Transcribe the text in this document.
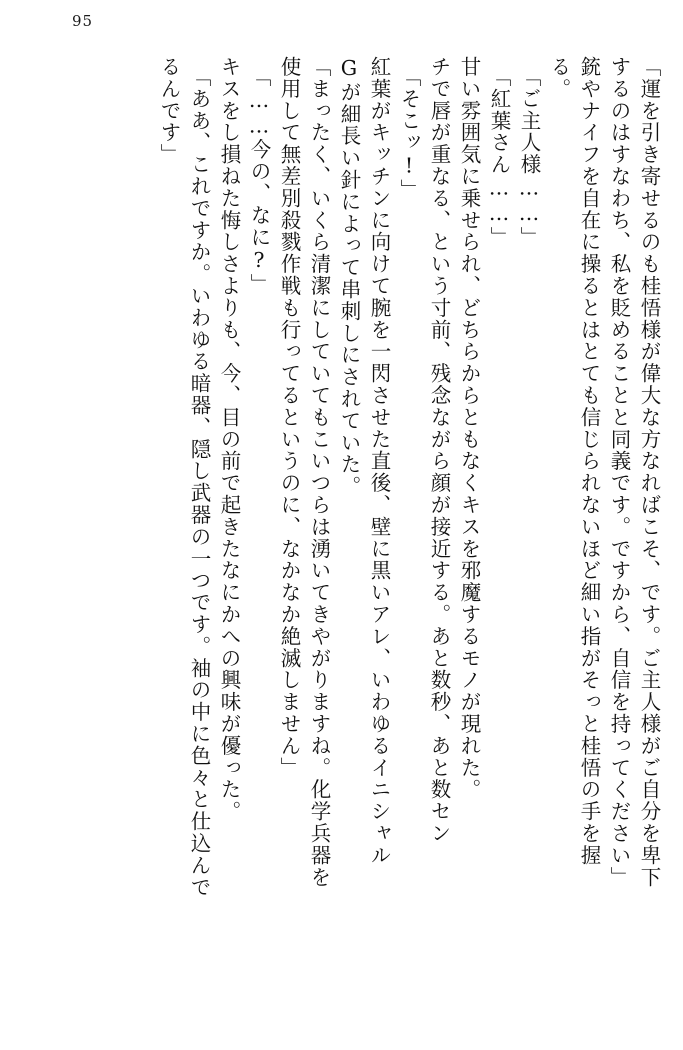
95
「運を引き寄せるのも桂悟様が偉大な方なればこそ、です。ご主人様がご自分を卑下
するのはすなわち、私を貶めることと同義です。ですから、自信を持ってください」
銃やナイフを自在に操るとはとても信じられないほど細い指がそっと桂悟の手を握
る。
「ご主人様……」
「紅葉さん……」
甘い雰囲気に乗せられ、どちらからともなくキスを邪魔するモノが現れた。
チで唇が重なる、という寸前、残念ながら顔が接近する。あと数秒、あと数セン
「そこッ!」
紅葉がキッチンに向けて腕を一閃させた直後、壁に黒いアレ、いわゆるイニシャル
Gが細長い針によって串刺しにされていた。
「まったく、いくら清潔にしていてもこいつらは湧いてきやがりますね。化学兵器を
使用して無差別殺戮作戦も行ってるというのに、なかなか絶滅しません」
「……今の、なに?」
キスをし損ねた悔しさよりも、今、目の前で起きたなにかへの興味が優った。
「ああ、これですか。いわゆる暗器、隠し武器の一つです。袖の中に色々と仕込んで
るんです」
